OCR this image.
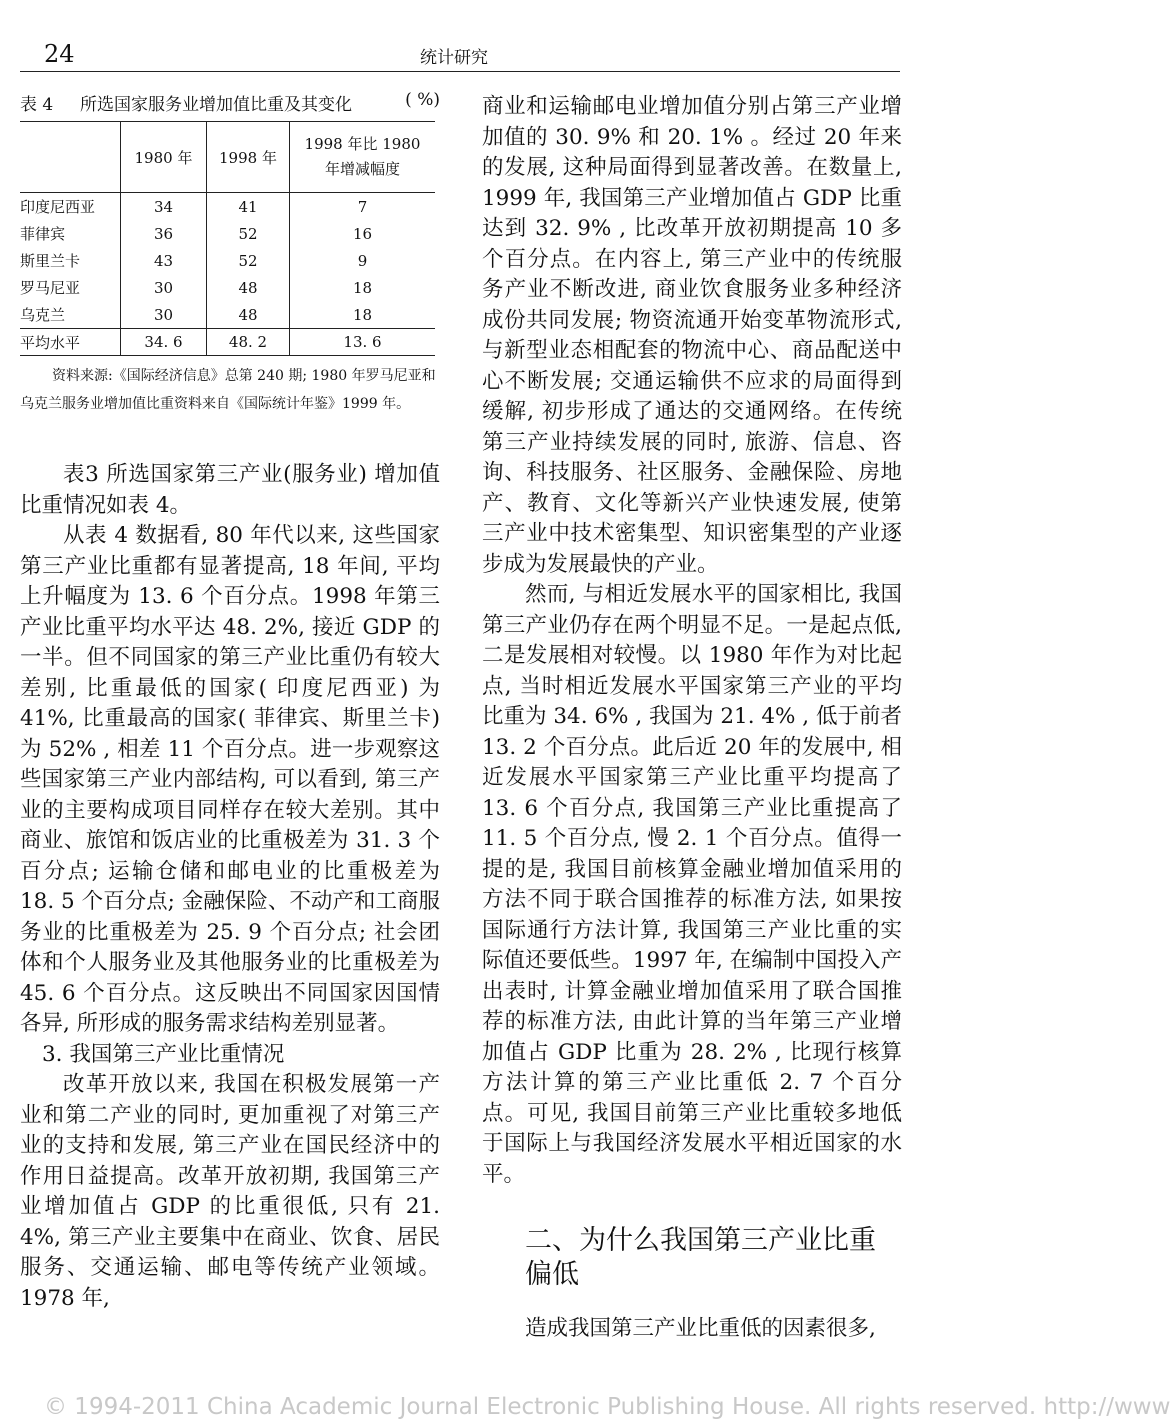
24	统计研究
表 4	所选国家服务业增加值比重及其变化	( %)
	1980 年	1998 年	1998 年比 1980 年增减幅度
印度尼西亚	34	41	7
菲律宾	36	52	16
斯里兰卡	43	52	9
罗马尼亚	30	48	18
乌克兰	30	48	18
平均水平	34. 6	48. 2	13. 6
资料来源:《国际经济信息》总第 240 期; 1980 年罗马尼亚和乌克兰服务业增加值比重资料来自《国际统计年鉴》1999 年。

表3 所选国家第三产业(服务业) 增加值比重情况如表 4。

从表 4 数据看, 80 年代以来, 这些国家第三产业比重都有显著提高, 18 年间, 平均上升幅度为 13. 6 个百分点。1998 年第三产业比重平均水平达 48. 2%, 接近 GDP 的一半。但不同国家的第三产业比重仍有较大差别, 比重最低的国家( 印度尼西亚) 为 41%, 比重最高的国家( 菲律宾、斯里兰卡) 为 52% , 相差 11 个百分点。进一步观察这些国家第三产业内部结构, 可以看到, 第三产业的主要构成项目同样存在较大差别。其中商业、旅馆和饭店业的比重极差为 31. 3 个百分点; 运输仓储和邮电业的比重极差为 18. 5 个百分点; 金融保险、不动产和工商服务业的比重极差为 25. 9 个百分点; 社会团体和个人服务业及其他服务业的比重极差为 45. 6 个百分点。这反映出不同国家因国情各异, 所形成的服务需求结构差别显著。

3. 我国第三产业比重情况

改革开放以来, 我国在积极发展第一产业和第二产业的同时, 更加重视了对第三产业的支持和发展, 第三产业在国民经济中的作用日益提高。改革开放初期, 我国第三产业增加值占 GDP 的比重很低, 只有 21. 4%, 第三产业主要集中在商业、饮食、居民服务、交通运输、邮电等传统产业领域。1978 年,

商业和运输邮电业增加值分别占第三产业增加值的 30. 9% 和 20. 1% 。经过 20 年来的发展, 这种局面得到显著改善。在数量上, 1999 年, 我国第三产业增加值占 GDP 比重达到 32. 9% , 比改革开放初期提高 10 多个百分点。在内容上, 第三产业中的传统服务产业不断改进, 商业饮食服务业多种经济成份共同发展; 物资流通开始变革物流形式, 与新型业态相配套的物流中心、商品配送中心不断发展; 交通运输供不应求的局面得到缓解, 初步形成了通达的交通网络。在传统第三产业持续发展的同时, 旅游、信息、咨询、科技服务、社区服务、金融保险、房地产、教育、文化等新兴产业快速发展, 使第三产业中技术密集型、知识密集型的产业逐步成为发展最快的产业。

然而, 与相近发展水平的国家相比, 我国第三产业仍存在两个明显不足。一是起点低, 二是发展相对较慢。以 1980 年作为对比起点, 当时相近发展水平国家第三产业的平均比重为 34. 6% , 我国为 21. 4% , 低于前者 13. 2 个百分点。此后近 20 年的发展中, 相近发展水平国家第三产业比重平均提高了 13. 6 个百分点, 我国第三产业比重提高了 11. 5 个百分点, 慢 2. 1 个百分点。值得一提的是, 我国目前核算金融业增加值采用的方法不同于联合国推荐的标准方法, 如果按国际通行方法计算, 我国第三产业比重的实际值还要低些。1997 年, 在编制中国投入产出表时, 计算金融业增加值采用了联合国推荐的标准方法, 由此计算的当年第三产业增加值占 GDP 比重为 28. 2% , 比现行核算方法计算的第三产业比重低 2. 7 个百分点。可见, 我国目前第三产业比重较多地低于国际上与我国经济发展水平相近国家的水平。

二、为什么我国第三产业比重偏低

造成我国第三产业比重低的因素很多,

© 1994-2011 China Academic Journal Electronic Publishing House. All rights reserved. http://www
